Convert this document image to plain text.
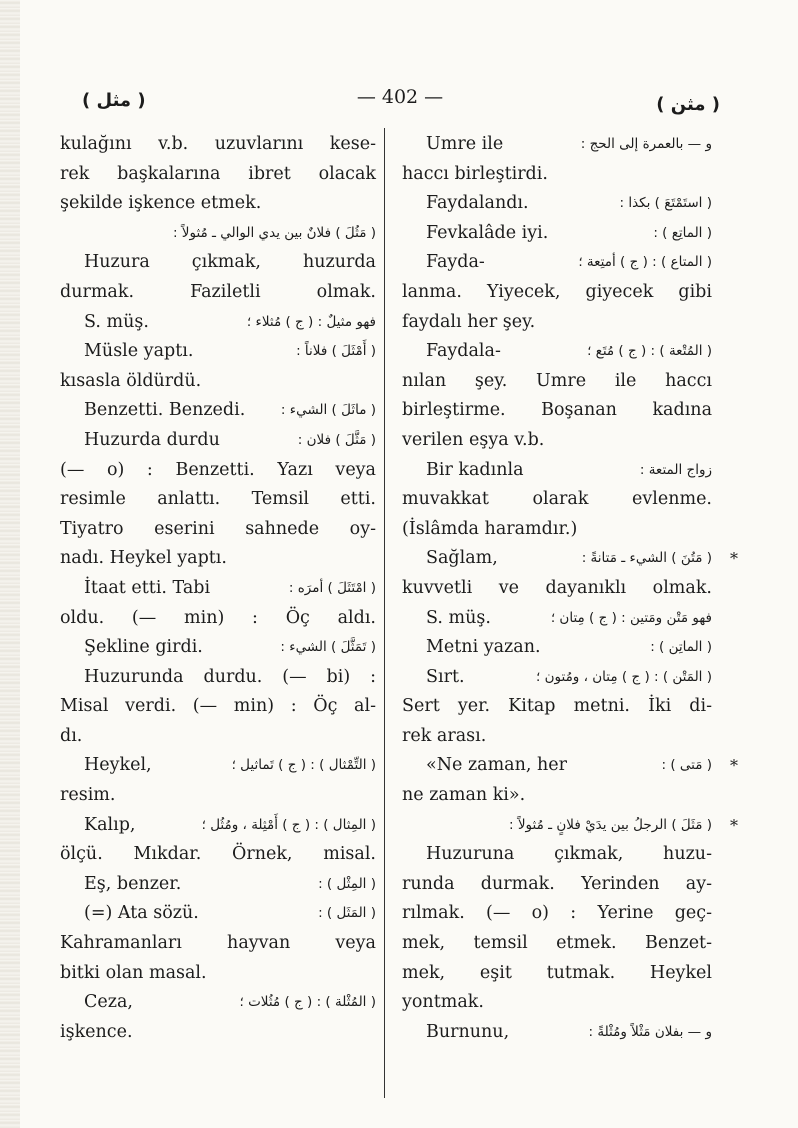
( مثل )	— 402 —	( مثن )
kulağını v.b. uzuvlarını kese-
rek başkalarına ibret olacak
şekilde işkence etmek.
( مَثُلَ ) فلانٌ بين يدي الوالي ـ مُثولاً :
Huzura çıkmak, huzurda
durmak. Faziletli olmak.
S. müş.	فهو مثيلٌ : ( ج ) مُثلاء ؛
Müsle yaptı.	( أَمْثَلَ ) فلاناً :
kısasla öldürdü.
Benzetti. Benzedi.	( ماثَلَ ) الشيء :
Huzurda durdu	( مَثَّلَ ) فلان :
(— o) : Benzetti. Yazı veya
resimle anlattı. Temsil etti.
Tiyatro eserini sahnede oy-
nadı. Heykel yaptı.
İtaat etti. Tabi	( امْتَثَلَ ) أمرَه :
oldu. (— min) : Öç aldı.
Şekline girdi.	( تَمَثَّلَ ) الشيء :
Huzurunda durdu. (— bi) :
Misal verdi. (— min) : Öç al-
dı.
Heykel,	( التِّمْثال ) : ( ج ) تَماثيل ؛
resim.
Kalıp,	( المِثال ) : ( ج ) أَمْثِلة ، ومُثُل ؛
ölçü. Mıkdar. Örnek, misal.
Eş, benzer.	( المِثْل ) :
(=) Ata sözü.	( المَثَل ) :
Kahramanları hayvan veya
bitki olan masal.
Ceza,	( المُثْلة ) : ( ج ) مُثُلات ؛
işkence.
Umre ile	و — بالعمرة إلى الحج :
haccı birleştirdi.
Faydalandı.	( استَمْتَعَ ) بكذا :
Fevkalâde iyi.	( الماتِع ) :
Fayda-	( المتاع ) : ( ج ) أمتِعة ؛
lanma. Yiyecek, giyecek gibi
faydalı her şey.
Faydala-	( المُتْعة ) : ( ج ) مُتَع ؛
nılan şey. Umre ile haccı
birleştirme. Boşanan kadına
verilen eşya v.b.
Bir kadınla	زواج المتعة :
muvakkat olarak evlenme.
(İslâmda haramdır.)
Sağlam,	( مَتُنَ ) الشيء ـ مَتانةً : *
kuvvetli ve dayanıklı olmak.
S. müş.	فهو مَتْن ومَتين : ( ج ) مِتان ؛
Metni yazan.	( الماتِن ) :
Sırt.	( المَتْن ) : ( ج ) مِتان ، ومُتون ؛
Sert yer. Kitap metni. İki di-
rek arası.
«Ne zaman, her	( مَتى ) : *
ne zaman ki».
( مَثَلَ ) الرجلُ بين يدَيْ فلانٍ ـ مُثولاً : *
Huzuruna çıkmak, huzu-
runda durmak. Yerinden ay-
rılmak. (— o) : Yerine geç-
mek, temsil etmek. Benzet-
mek, eşit tutmak. Heykel
yontmak.
Burnunu,	و — بفلان مَثْلاً ومُثْلةً :
